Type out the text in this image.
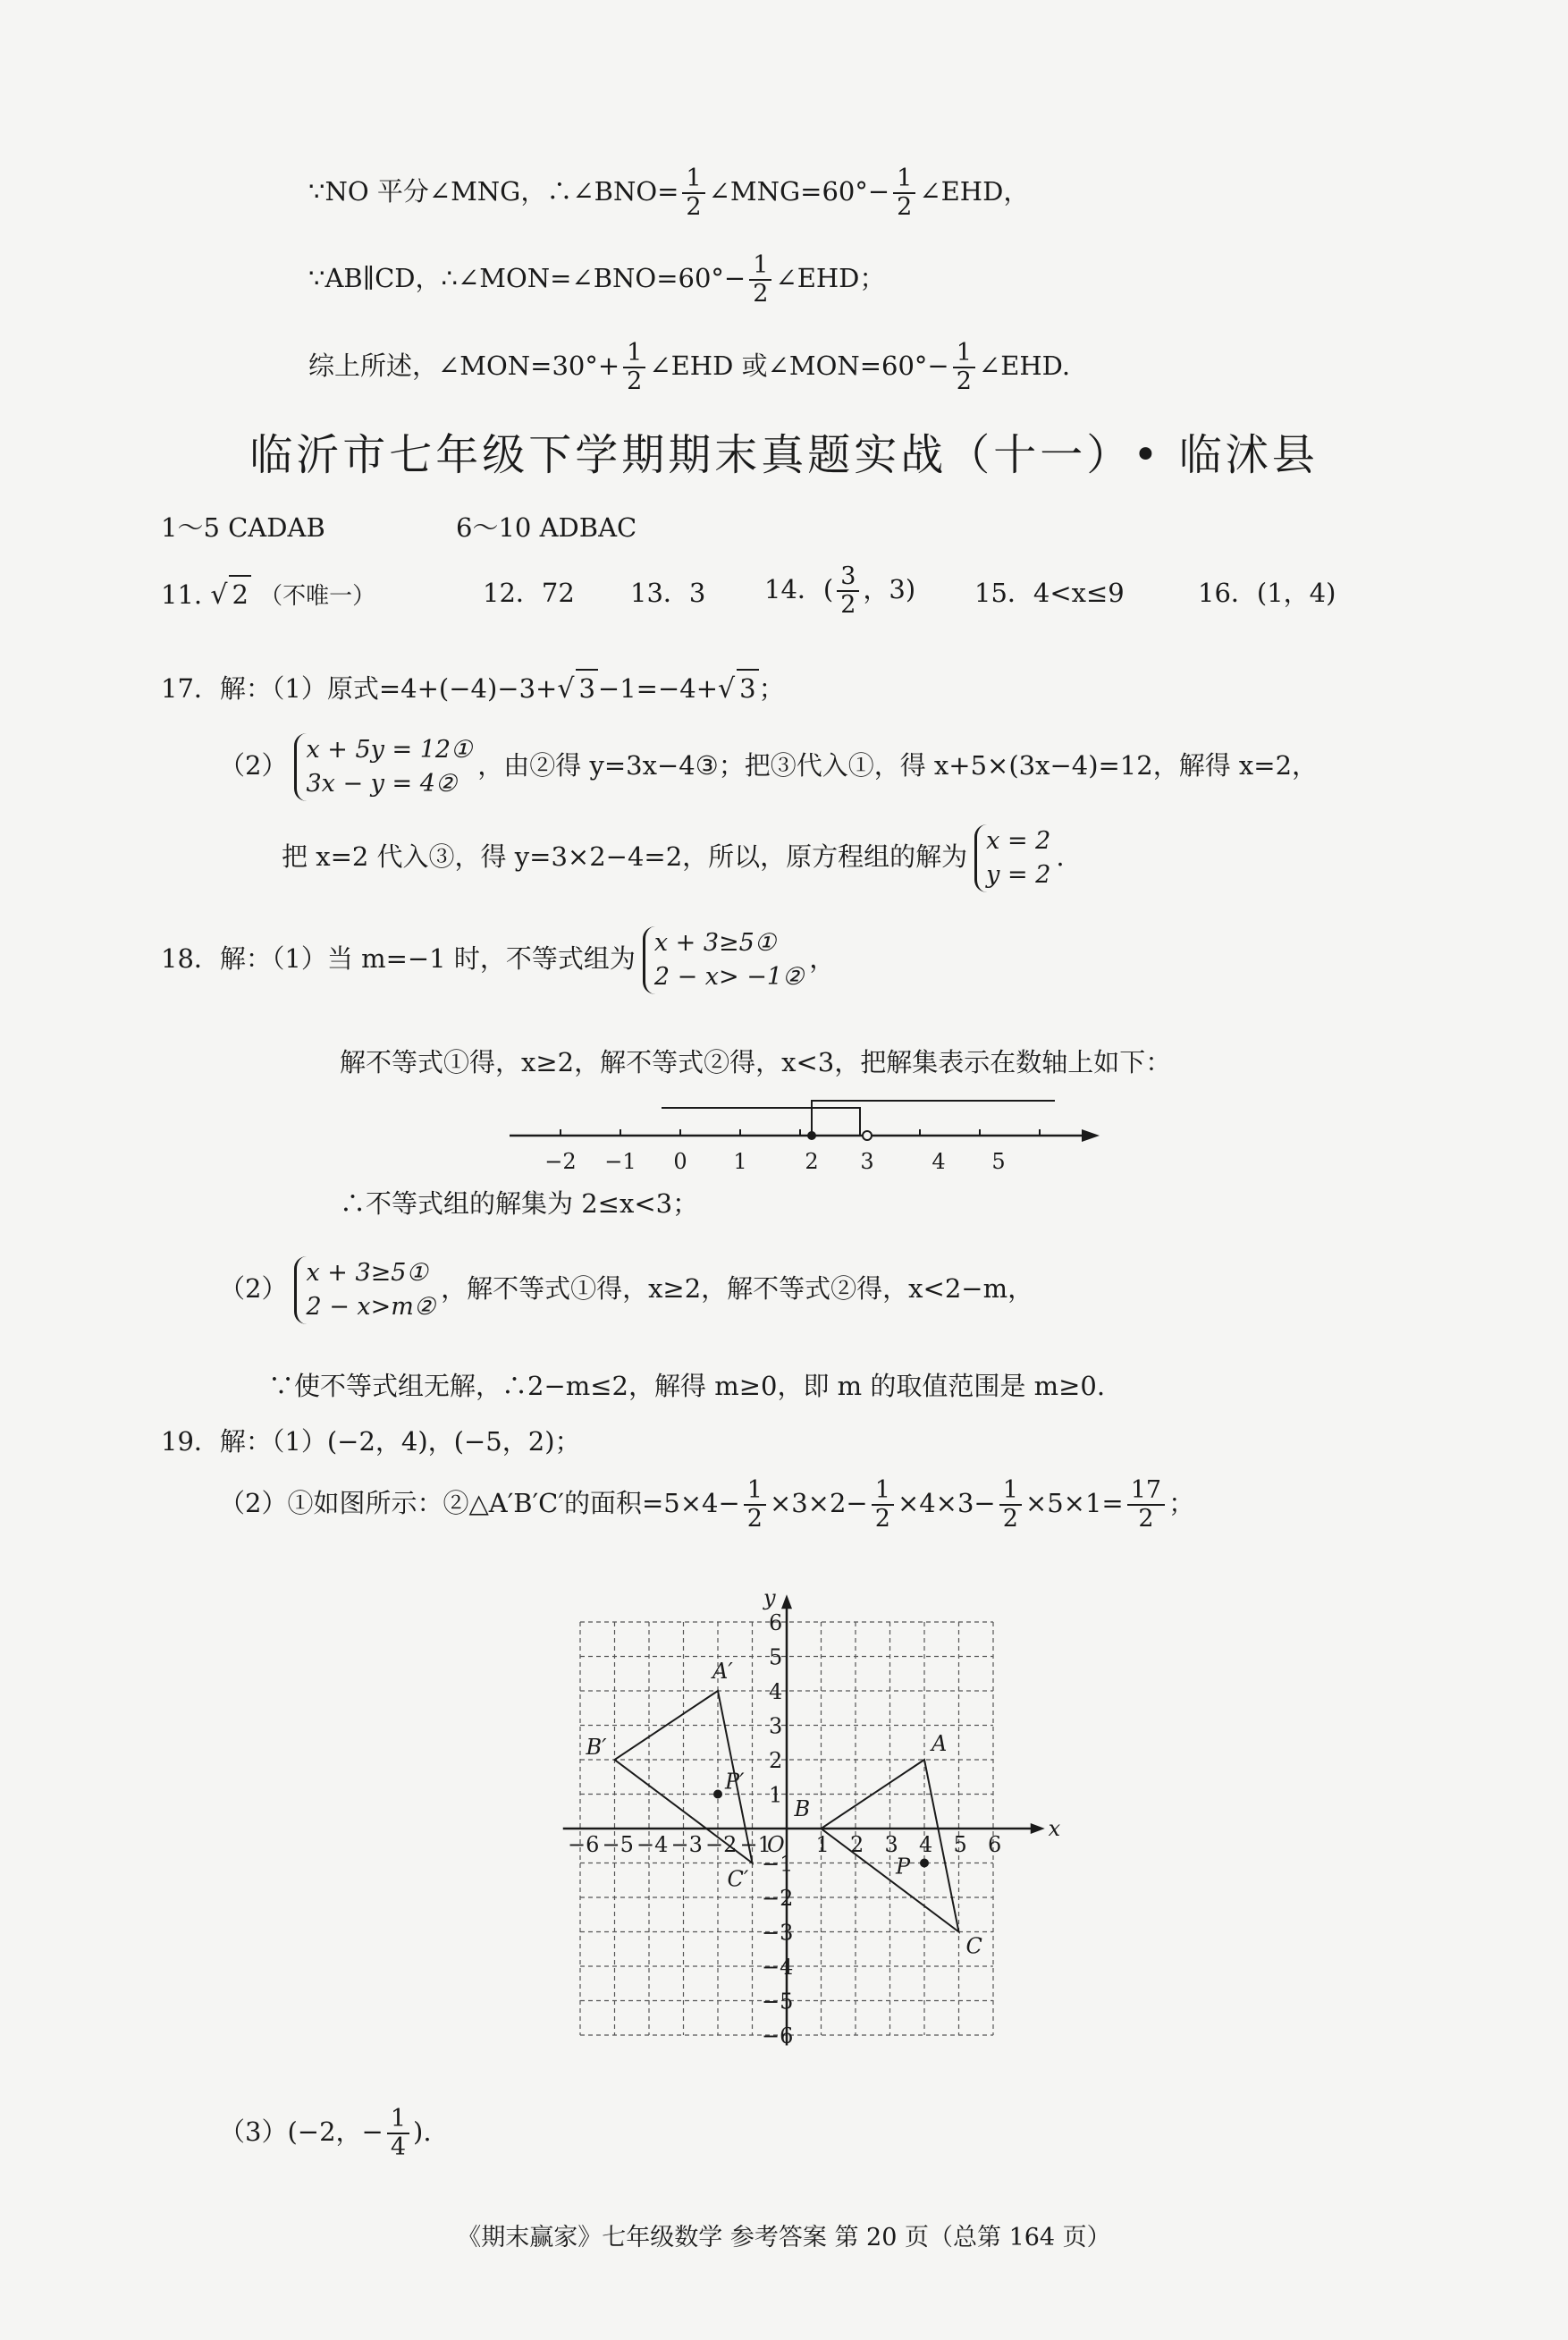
∵NO 平分∠MNG，∴∠BNO= $\frac{1}{2}$ ∠MNG=60°− $\frac{1}{2}$ ∠EHD，
∵AB∥CD，∴∠MON=∠BNO=60°− $\frac{1}{2}$ ∠EHD；
综上所述，∠MON=30°+ $\frac{1}{2}$ ∠EHD 或∠MON=60°− $\frac{1}{2}$ ∠EHD.
临沂市七年级下学期期末真题实战（十一）• 临沭县
1～5 CADAB	6～10 ADBAC
11. √ 2 （不唯一）	12．72 13．3 14．( $\frac{3}{2}$ ，3) 15．4<x≤9	16．(1，4)
17．解：（1）原式=4+(−4)−3+√ 3 −1=−4+√ 3 ；
（2）x + 5y = 12①
3x − y = 4②，由②得 y=3x−4③；把③代入①，得 x+5×(3x−4)=12，解得 x=2，
把 x=2 代入③，得 y=3×2−4=2，所以，原方程组的解为x = 2
y = 2.
18．解：（1）当 m=−1 时，不等式组为x + 3≥5①
2 − x> −1②，
解不等式①得，x≥2，解不等式②得，x<3，把解集表示在数轴上如下：
−2 −1 0 1	2 3	4 5
∴不等式组的解集为 2≤x<3；
（2）x + 3≥5①
2 − x>m②，解不等式①得，x≥2，解不等式②得，x<2−m，
∵使不等式组无解，∴2−m≤2，解得 m≥0，即 m 的取值范围是 m≥0.
19．解：（1）(−2，4)，(−5，2)；
（2）①如图所示：②△A′B′C′的面积$=5\times 4- \frac{1}{2} \times 3\times 2- \frac{1}{2} \times 4\times 3- \frac{1}{2} \times 5\times 1= \frac{17}{2}$ ；
x
y
O
−6 −5 −4 −3 −2 −1 1 2 3 4 5 6
6
5
4
3
2
1
−1
−2
−3
−4
−5
−6
A
B
C
P
A′
B′
C′
P′
（3）(−2，− $\frac{1}{4}$ ).
《期末赢家》七年级数学 参考答案 第 20 页（总第 164 页）
